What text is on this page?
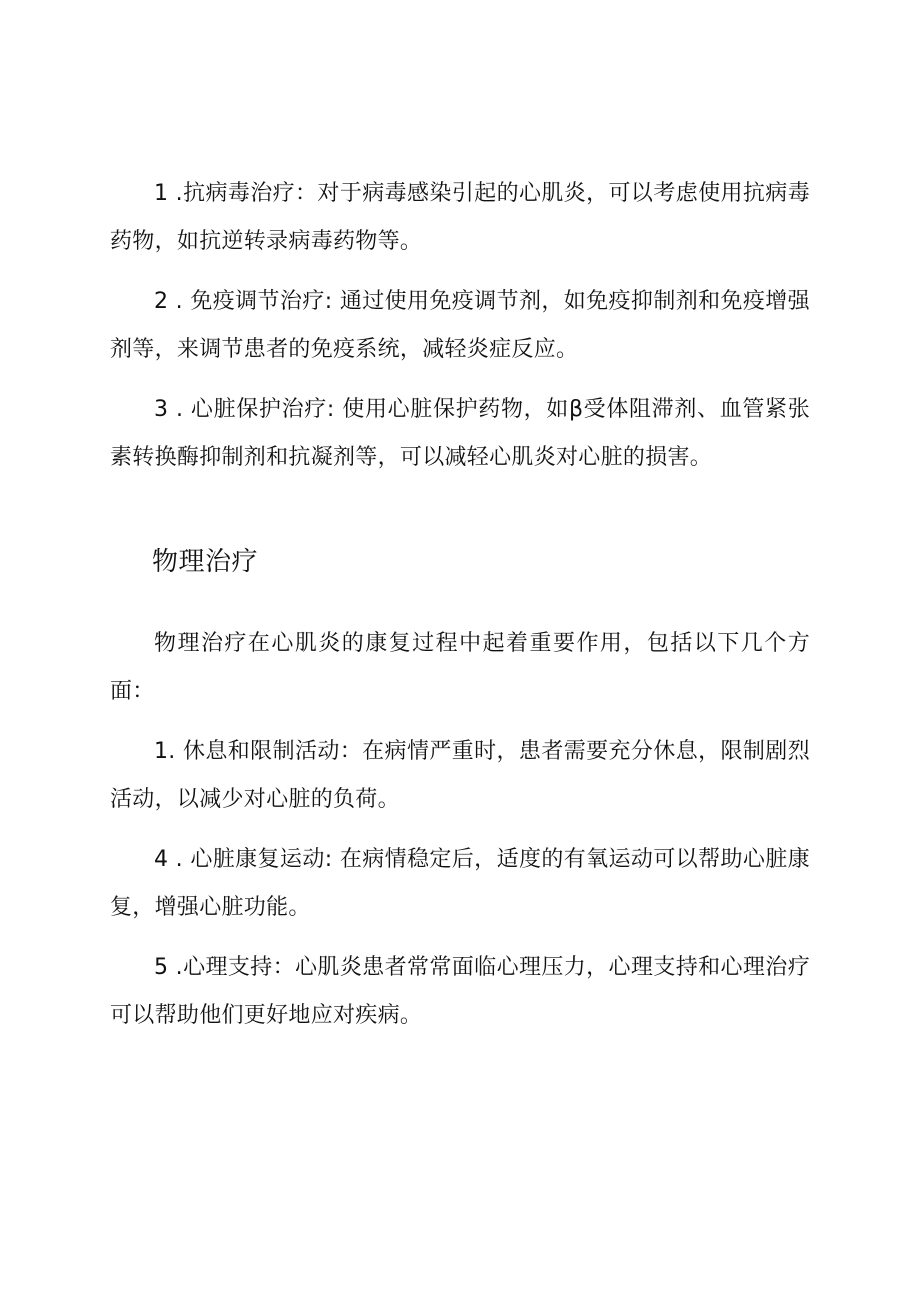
1 .抗病毒治疗：对于病毒感染引起的心肌炎，可以考虑使用抗病毒药物，如抗逆转录病毒药物等。

2 . 免疫调节治疗: 通过使用免疫调节剂，如免疫抑制剂和免疫增强剂等，来调节患者的免疫系统，减轻炎症反应。

3 . 心脏保护治疗: 使用心脏保护药物，如β受体阻滞剂、血管紧张素转换酶抑制剂和抗凝剂等，可以减轻心肌炎对心脏的损害。

物理治疗

物理治疗在心肌炎的康复过程中起着重要作用，包括以下几个方面：

1. 休息和限制活动：在病情严重时，患者需要充分休息，限制剧烈活动，以减少对心脏的负荷。

4 . 心脏康复运动: 在病情稳定后，适度的有氧运动可以帮助心脏康复，增强心脏功能。

5 .心理支持：心肌炎患者常常面临心理压力，心理支持和心理治疗可以帮助他们更好地应对疾病。
